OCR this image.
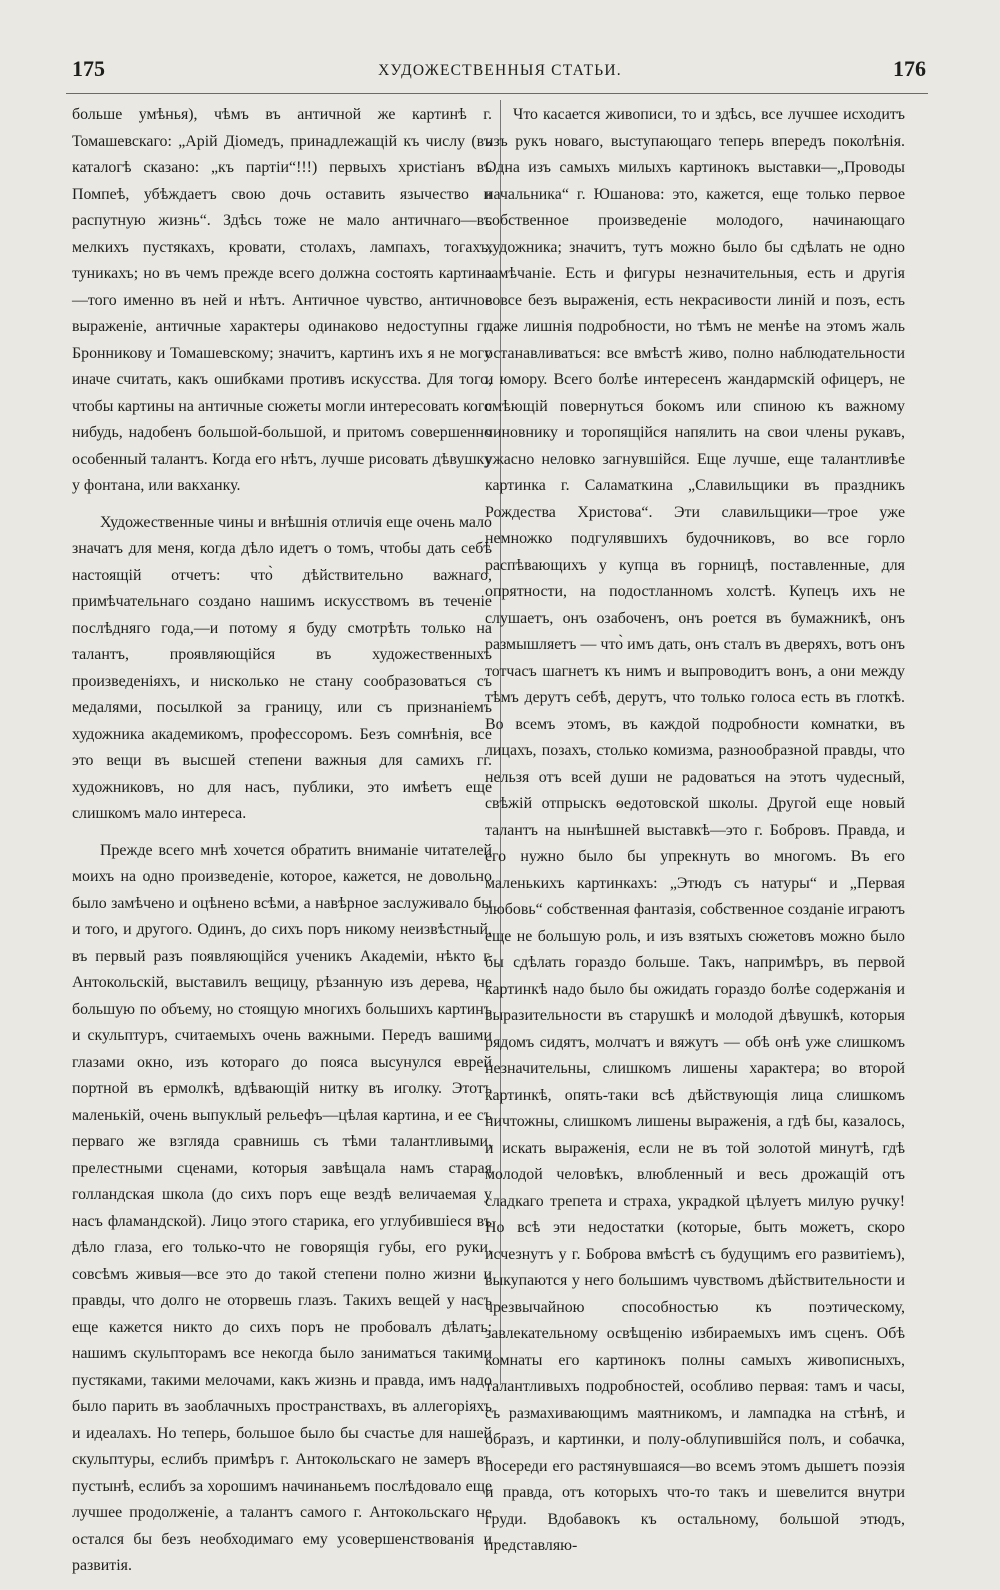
175	ХУДОЖЕСТВЕННЫЯ СТАТЬИ.	176

больше умѣнья), чѣмъ въ античной же картинѣ г. Томашевскаго: „Арій Діомедъ, принадлежащій къ числу (въ каталогѣ сказано: „къ партіи“!!!) первыхъ христіанъ въ Помпеѣ, убѣждаетъ свою дочь оставить язычество и распутную жизнь“. Здѣсь тоже не мало античнаго—въ мелкихъ пустякахъ, кровати, столахъ, лампахъ, тогахъ, туникахъ; но въ чемъ прежде всего должна состоять картина—того именно въ ней и нѣтъ. Античное чувство, античное выраженіе, античные характеры одинаково недоступны гг. Бронникову и Томашевскому; значитъ, картинъ ихъ я не могу иначе считать, какъ ошибками противъ искусства. Для того, чтобы картины на античные сюжеты могли интересовать кого нибудь, надобенъ большой-большой, и притомъ совершенно особенный талантъ. Когда его нѣтъ, лучше рисовать дѣвушку у фонтана, или вакханку.

Художественные чины и внѣшнія отличія еще очень мало значатъ для меня, когда дѣло идетъ о томъ, чтобы дать себѣ настоящій отчетъ: что̀ дѣйствительно важнаго, примѣчательнаго создано нашимъ искусствомъ въ теченіе послѣдняго года,—и потому я буду смотрѣть только на талантъ, проявляющійся въ художественныхъ произведеніяхъ, и нисколько не стану сообразоваться съ медалями, посылкой за границу, или съ признаніемъ художника академикомъ, профессоромъ. Безъ сомнѣнія, все это вещи въ высшей степени важныя для самихъ гг. художниковъ, но для насъ, публики, это имѣетъ еще слишкомъ мало интереса.

Прежде всего мнѣ хочется обратить вниманіе читателей моихъ на одно произведеніе, которое, кажется, не довольно было замѣчено и оцѣнено всѣми, а навѣрное заслуживало бы и того, и другого. Одинъ, до сихъ поръ никому неизвѣстный, въ первый разъ появляющійся ученикъ Академіи, нѣкто г. Антокольскій, выставилъ вещицу, рѣзанную изъ дерева, не большую по объему, но стоящую многихъ большихъ картинъ и скульптуръ, считаемыхъ очень важными. Передъ вашими глазами окно, изъ котораго до пояса высунулся еврей портной въ ермолкѣ, вдѣвающій нитку въ иголку. Этотъ маленькій, очень выпуклый рельефъ—цѣлая картина, и ее съ перваго же взгляда сравнишь съ тѣми талантливыми, прелестными сценами, которыя завѣщала намъ старая голландская школа (до сихъ поръ еще вездѣ величаемая у насъ фламандской). Лицо этого старика, его углубившіеся въ дѣло глаза, его только-что не говорящія губы, его руки, совсѣмъ живыя—все это до такой степени полно жизни и правды, что долго не оторвешь глазъ. Такихъ вещей у насъ еще кажется никто до сихъ поръ не пробовалъ дѣлать: нашимъ скульпторамъ все некогда было заниматься такими пустяками, такими мелочами, какъ жизнь и правда, имъ надо было парить въ заоблачныхъ пространствахъ, въ аллегоріяхъ и идеалахъ. Но теперь, большое было бы счастье для нашей скульптуры, еслибъ примѣръ г. Антокольскаго не замеръ въ пустынѣ, еслибъ за хорошимъ начинаньемъ послѣдовало еще лучшее продолженіе, а талантъ самого г. Антокольскаго не остался бы безъ необходимаго ему усовершенствованія и развитія.

Что касается живописи, то и здѣсь, все лучшее исходитъ изъ рукъ новаго, выступающаго теперь впередъ поколѣнія. Одна изъ самыхъ милыхъ картинокъ выставки—„Проводы начальника“ г. Юшанова: это, кажется, еще только первое собственное произведеніе молодого, начинающаго художника; значитъ, тутъ можно было бы сдѣлать не одно замѣчаніе. Есть и фигуры незначительныя, есть и другія вовсе безъ выраженія, есть некрасивости линій и позъ, есть даже лишнія подробности, но тѣмъ не менѣе на этомъ жаль останавливаться: все вмѣстѣ живо, полно наблюдательности и юмору. Всего болѣе интересенъ жандармскій офицеръ, не смѣющій повернуться бокомъ или спиною къ важному чиновнику и торопящійся напялить на свои члены рукавъ, ужасно неловко загнувшійся. Еще лучше, еще талантливѣе картинка г. Саламаткина „Славильщики въ праздникъ Рождества Христова“. Эти славильщики—трое уже немножко подгулявшихъ будочниковъ, во все горло распѣвающихъ у купца въ горницѣ, поставленные, для опрятности, на подостланномъ холстѣ. Купецъ ихъ не слушаетъ, онъ озабоченъ, онъ роется въ бумажникѣ, онъ размышляетъ — что̀ имъ дать, онъ сталъ въ дверяхъ, вотъ онъ тотчасъ шагнетъ къ нимъ и выпроводитъ вонъ, а они между тѣмъ дерутъ себѣ, дерутъ, что только голоса есть въ глоткѣ. Во всемъ этомъ, въ каждой подробности комнатки, въ лицахъ, позахъ, столько комизма, разнообразной правды, что нельзя отъ всей души не радоваться на этотъ чудесный, свѣжій отпрыскъ ѳедотовской школы. Другой еще новый талантъ на нынѣшней выставкѣ—это г. Бобровъ. Правда, и его нужно было бы упрекнуть во многомъ. Въ его маленькихъ картинкахъ: „Этюдъ съ натуры“ и „Первая любовь“ собственная фантазія, собственное созданіе играютъ еще не большую роль, и изъ взятыхъ сюжетовъ можно было бы сдѣлать гораздо больше. Такъ, напримѣръ, въ первой картинкѣ надо было бы ожидать гораздо болѣе содержанія и выразительности въ старушкѣ и молодой дѣвушкѣ, которыя рядомъ сидятъ, молчатъ и вяжутъ — обѣ онѣ уже слишкомъ незначительны, слишкомъ лишены характера; во второй картинкѣ, опять-таки всѣ дѣйствующія лица слишкомъ ничтожны, слишкомъ лишены выраженія, а гдѣ бы, казалось, и искать выраженія, если не въ той золотой минутѣ, гдѣ молодой человѣкъ, влюбленный и весь дрожащій отъ сладкаго трепета и страха, украдкой цѣлуетъ милую ручку! Но всѣ эти недостатки (которые, быть можетъ, скоро исчезнутъ у г. Боброва вмѣстѣ съ будущимъ его развитіемъ), выкупаются у него большимъ чувствомъ дѣйствительности и чрезвычайною способностью къ поэтическому, завлекательному освѣщенію избираемыхъ имъ сценъ. Обѣ комнаты его картинокъ полны самыхъ живописныхъ, талантливыхъ подробностей, особливо первая: тамъ и часы, съ размахивающимъ маятникомъ, и лампадка на стѣнѣ, и образъ, и картинки, и полу-облупившійся полъ, и собачка, посереди его растянувшаяся—во всемъ этомъ дышетъ поэзія и правда, отъ которыхъ что-то такъ и шевелится внутри груди. Вдобавокъ къ остальному, большой этюдъ, представляю-
